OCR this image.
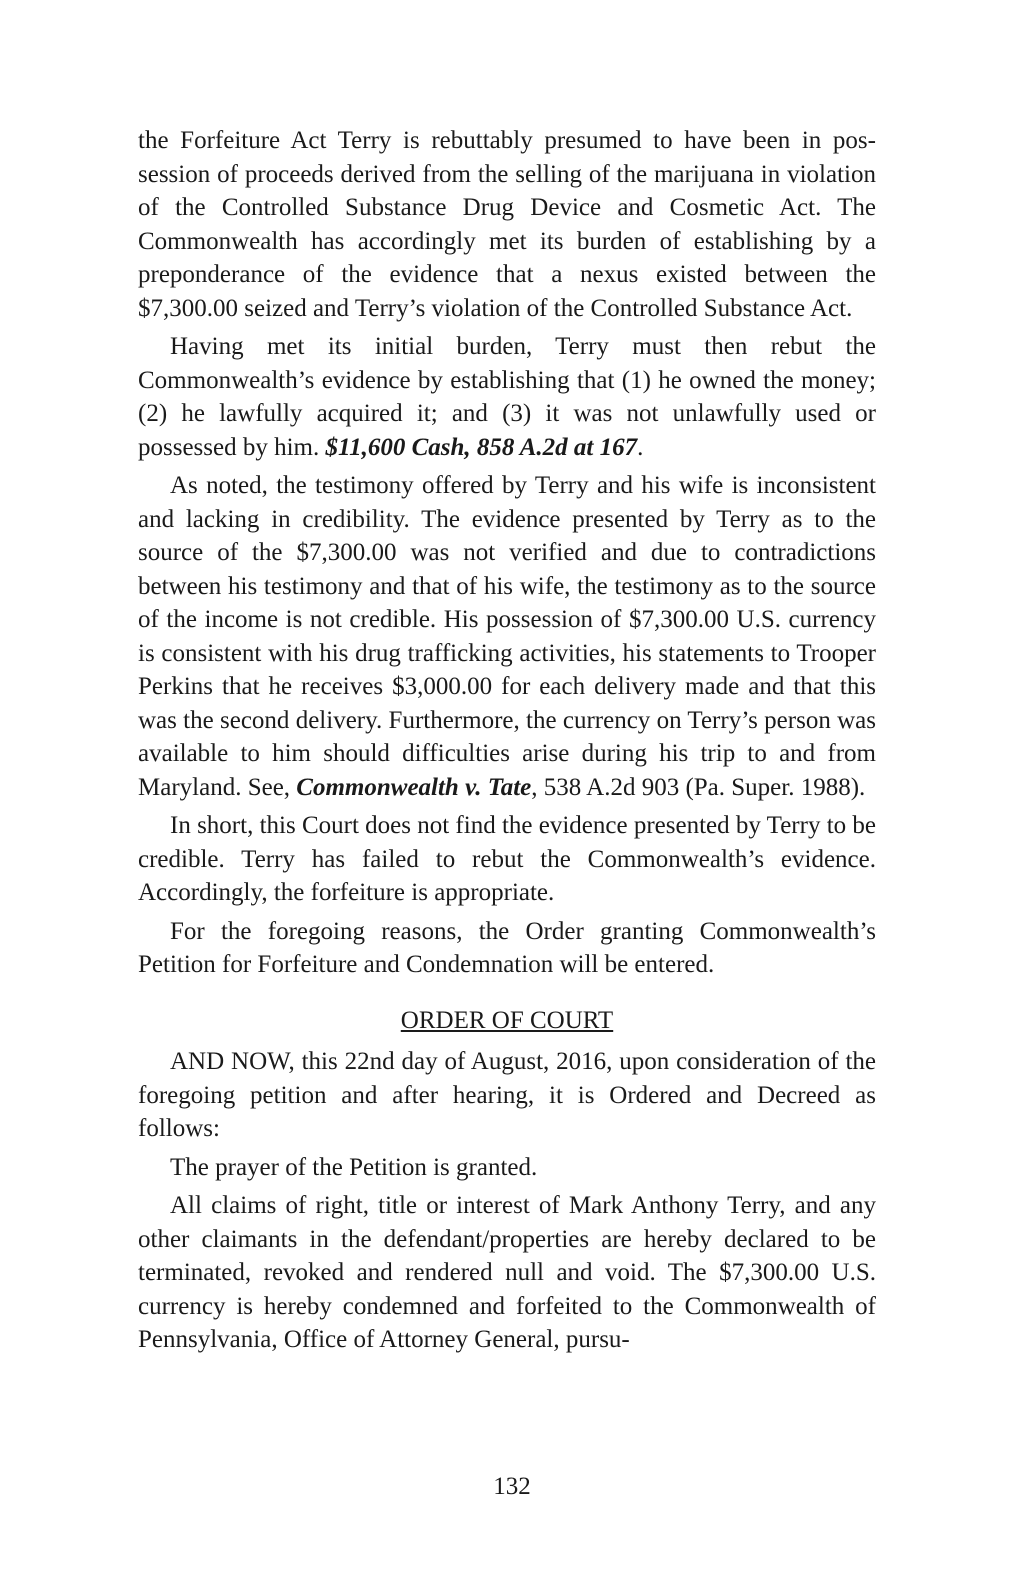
the Forfeiture Act Terry is rebuttably presumed to have been in possession of proceeds derived from the selling of the marijuana in violation of the Controlled Substance Drug Device and Cosmetic Act. The Commonwealth has accordingly met its burden of establishing by a preponderance of the evidence that a nexus existed between the $7,300.00 seized and Terry’s violation of the Controlled Substance Act.

Having met its initial burden, Terry must then rebut the Commonwealth’s evidence by establishing that (1) he owned the money; (2) he lawfully acquired it; and (3) it was not unlawfully used or possessed by him. $11,600 Cash, 858 A.2d at 167.

As noted, the testimony offered by Terry and his wife is inconsistent and lacking in credibility. The evidence presented by Terry as to the source of the $7,300.00 was not verified and due to contradictions between his testimony and that of his wife, the testimony as to the source of the income is not credible. His possession of $7,300.00 U.S. currency is consistent with his drug trafficking activities, his statements to Trooper Perkins that he receives $3,000.00 for each delivery made and that this was the second delivery. Furthermore, the currency on Terry’s person was available to him should difficulties arise during his trip to and from Maryland. See, Commonwealth v. Tate, 538 A.2d 903 (Pa. Super. 1988).

In short, this Court does not find the evidence presented by Terry to be credible. Terry has failed to rebut the Commonwealth’s evidence. Accordingly, the forfeiture is appropriate.

For the foregoing reasons, the Order granting Commonwealth’s Petition for Forfeiture and Condemnation will be entered.

ORDER OF COURT

AND NOW, this 22nd day of August, 2016, upon consideration of the foregoing petition and after hearing, it is Ordered and Decreed as follows:

The prayer of the Petition is granted.

All claims of right, title or interest of Mark Anthony Terry, and any other claimants in the defendant/properties are hereby declared to be terminated, revoked and rendered null and void. The $7,300.00 U.S. currency is hereby condemned and forfeited to the Commonwealth of Pennsylvania, Office of Attorney General, pursu-

132
